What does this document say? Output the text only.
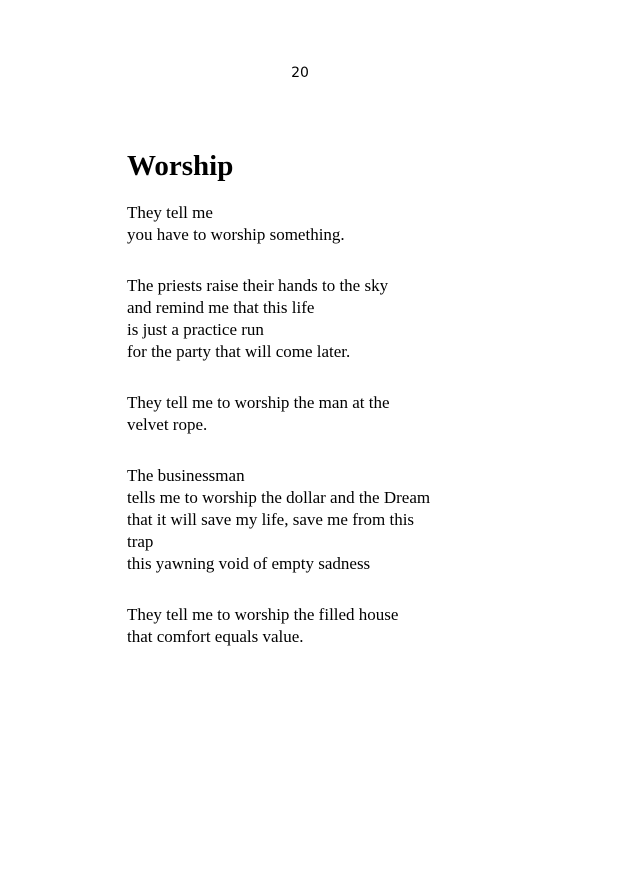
20
Worship

They tell me
you have to worship something.

The priests raise their hands to the sky
and remind me that this life
is just a practice run
for the party that will come later.

They tell me to worship the man at the
velvet rope.

The businessman
tells me to worship the dollar and the Dream
that it will save my life, save me from this
trap
this yawning void of empty sadness

They tell me to worship the filled house
that comfort equals value.
